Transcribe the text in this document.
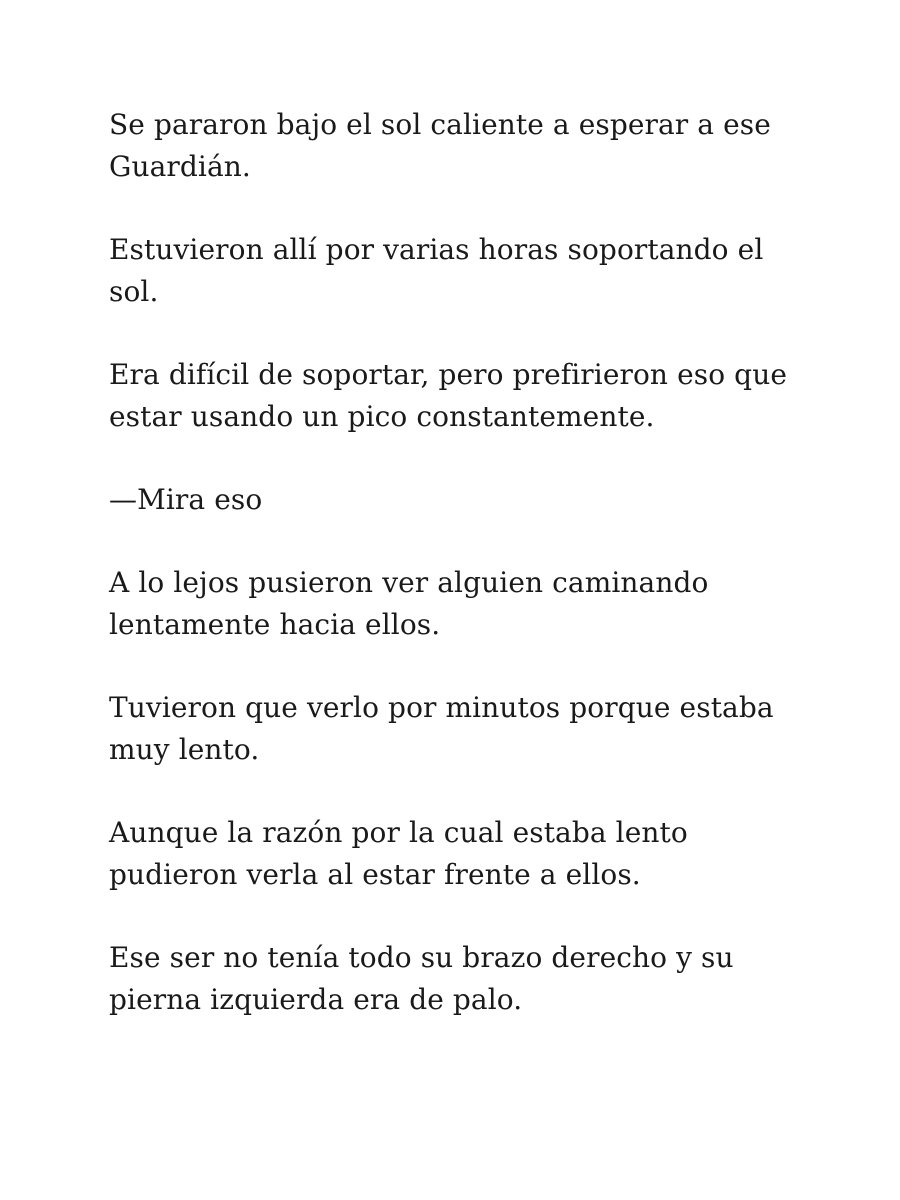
Se pararon bajo el sol caliente a esperar a ese Guardián.

Estuvieron allí por varias horas soportando el sol.

Era difícil de soportar, pero prefirieron eso que estar usando un pico constantemente.

—Mira eso

A lo lejos pusieron ver alguien caminando lentamente hacia ellos.

Tuvieron que verlo por minutos porque estaba muy lento.

Aunque la razón por la cual estaba lento pudieron verla al estar frente a ellos.

Ese ser no tenía todo su brazo derecho y su pierna izquierda era de palo.
